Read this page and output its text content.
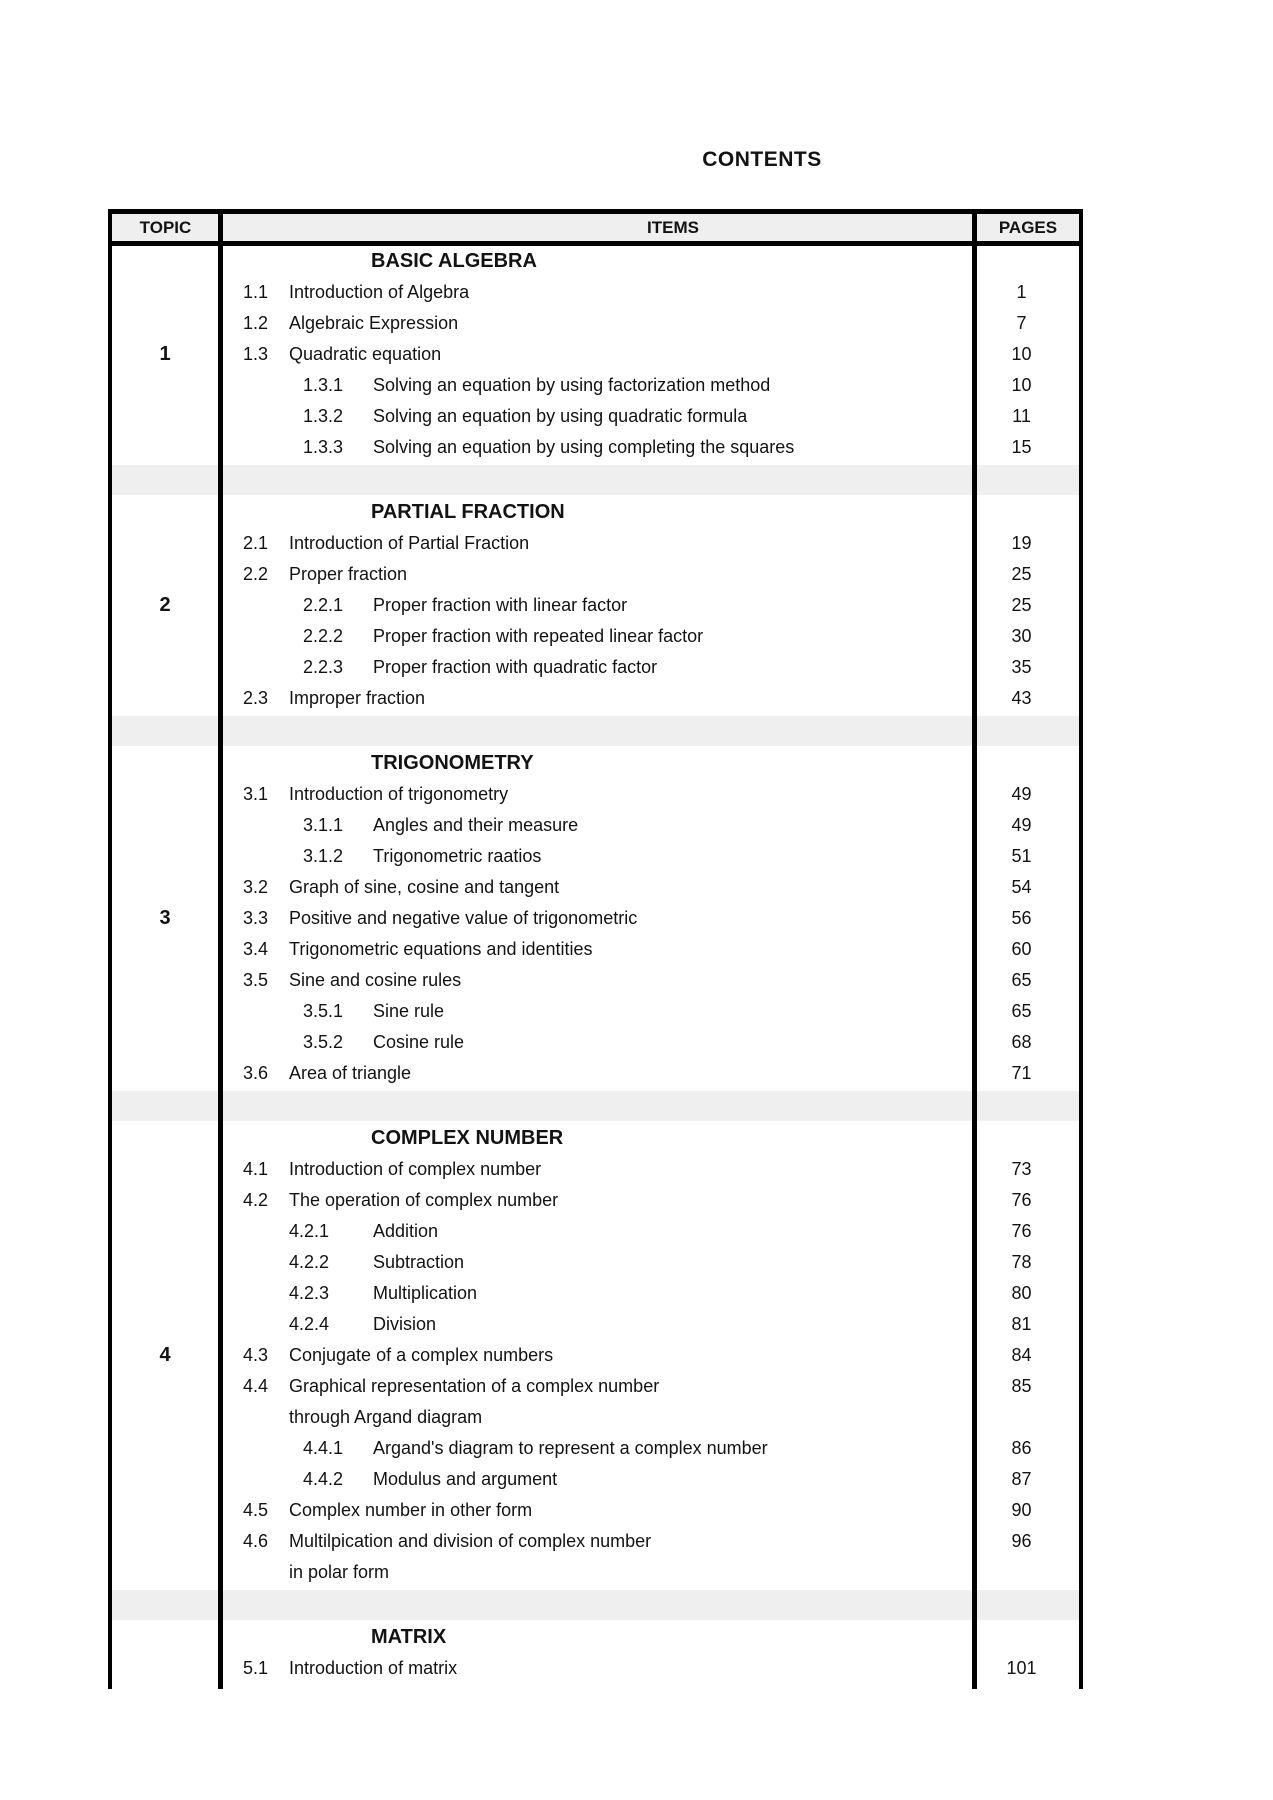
CONTENTS
TOPIC	ITEMS	PAGES
1
BASIC ALGEBRA
1.1	Introduction of Algebra	1
1.2	Algebraic Expression	7
1.3	Quadratic equation	10
1.3.1	Solving an equation by using factorization method	10
1.3.2	Solving an equation by using quadratic formula	11
1.3.3	Solving an equation by using completing the squares	15
2
PARTIAL FRACTION
2.1	Introduction of Partial Fraction	19
2.2	Proper fraction	25
2.2.1	Proper fraction with linear factor	25
2.2.2	Proper fraction with repeated linear factor	30
2.2.3	Proper fraction with quadratic factor	35
2.3	Improper fraction	43
3
TRIGONOMETRY
3.1	Introduction of trigonometry	49
3.1.1	Angles and their measure	49
3.1.2	Trigonometric raatios	51
3.2	Graph of sine, cosine and tangent	54
3.3	Positive and negative value of trigonometric	56
3.4	Trigonometric equations and identities	60
3.5	Sine and cosine rules	65
3.5.1	Sine rule	65
3.5.2	Cosine rule	68
3.6	Area of triangle	71
4
COMPLEX NUMBER
4.1	Introduction of complex number	73
4.2	The operation of complex number	76
4.2.1	Addition	76
4.2.2	Subtraction	78
4.2.3	Multiplication	80
4.2.4	Division	81
4.3	Conjugate of a complex numbers	84
4.4	Graphical representation of a complex number	85
through Argand diagram
4.4.1	Argand's diagram to represent a complex number	86
4.4.2	Modulus and argument	87
4.5	Complex number in other form	90
4.6	Multilpication and division of complex number	96
in polar form
MATRIX
5.1	Introduction of matrix	101
